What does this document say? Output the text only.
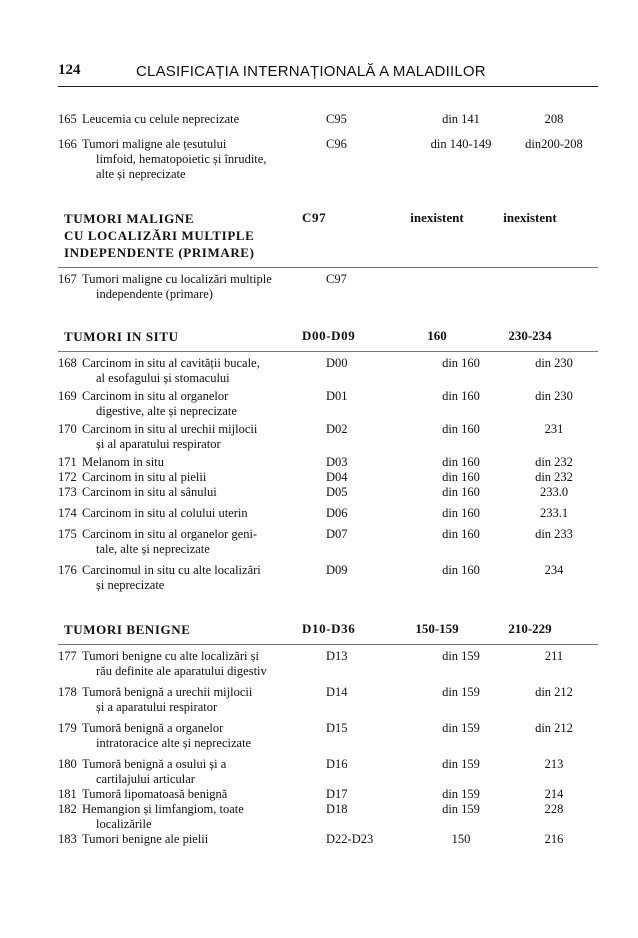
124	CLASIFICAȚIA INTERNAȚIONALĂ A MALADIILOR
165 Leucemia cu celule neprecizate	C95	din 141	208
166 Tumori maligne ale țesutului
limfoid, hematopoietic și înrudite,
alte și neprecizate
C96	din 140-149	din200-208
TUMORI MALIGNE
CU LOCALIZĂRI MULTIPLE
INDEPENDENTE (PRIMARE)
C97	inexistent	inexistent
167 Tumori maligne cu localizări multiple
independente (primare)
C97
TUMORI IN SITU	D00-D09	160	230-234
168 Carcinom in situ al cavității bucale,
al esofagului și stomacului
D00	din 160	din 230
169 Carcinom in situ al organelor
digestive, alte și neprecizate
D01	din 160	din 230
170 Carcinom in situ al urechii mijlocii
și al aparatului respirator
D02	din 160	231
171 Melanom in situ	D03	din 160	din 232
172 Carcinom in situ al pielii	D04	din 160	din 232
173 Carcinom in situ al sânului	D05	din 160	233.0
174 Carcinom in situ al colului uterin	D06	din 160	233.1
175 Carcinom in situ al organelor geni-
tale, alte și neprecizate
D07	din 160	din 233
176 Carcinomul in situ cu alte localizări
și neprecizate
D09	din 160	234
TUMORI BENIGNE	D10-D36	150-159	210-229
177 Tumori benigne cu alte localizări și
rău definite ale aparatului digestiv
D13	din 159	211
178 Tumoră benignă a urechii mijlocii
și a aparatului respirator
D14	din 159	din 212
179 Tumoră benignă a organelor
intratoracice alte și neprecizate
D15	din 159	din 212
180 Tumoră benignă a osului și a
cartilajului articular
D16	din 159	213
181 Tumoră lipomatoasă benignă	D17	din 159	214
182 Hemangion și limfangiom, toate
localizările
D18	din 159	228
183 Tumori benigne ale pielii	D22-D23	150	216
